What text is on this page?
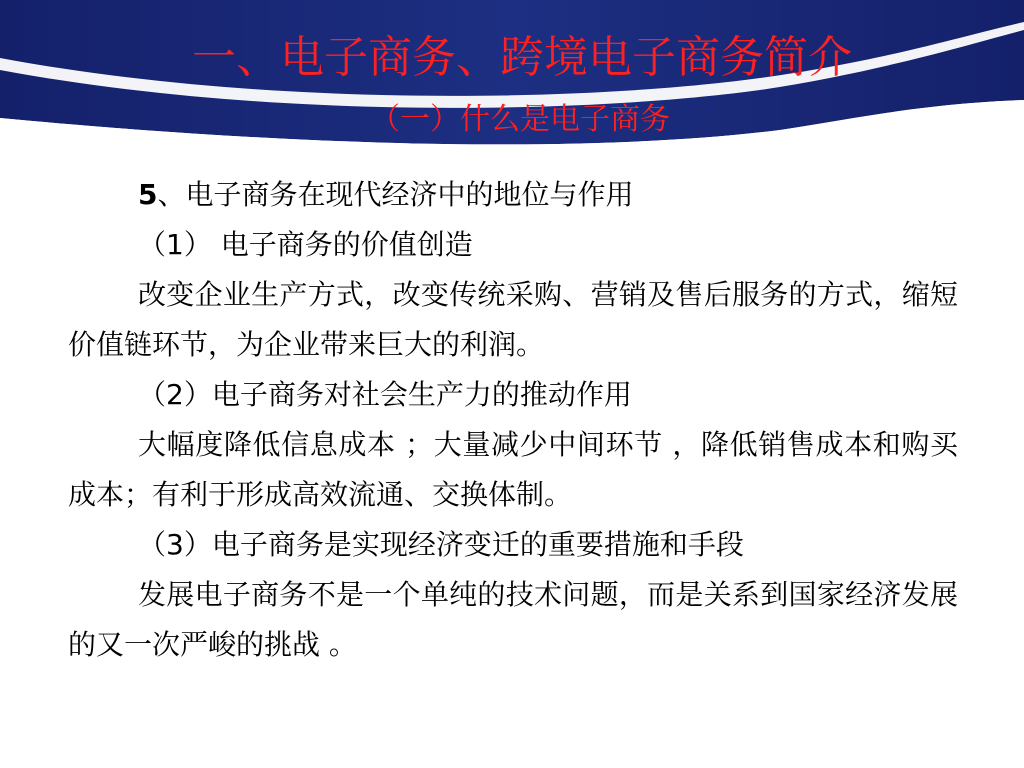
一、电子商务、跨境电子商务简介
（一）什么是电子商务

5、电子商务在现代经济中的地位与作用

（1） 电子商务的价值创造

改变企业生产方式，改变传统采购、营销及售后服务的方式，缩短价值链环节，为企业带来巨大的利润。

（2）电子商务对社会生产力的推动作用

大幅度降低信息成本 ；大量减少中间环节 ，降低销售成本和购买成本；有利于形成高效流通、交换体制。

（3）电子商务是实现经济变迁的重要措施和手段

发展电子商务不是一个单纯的技术问题，而是关系到国家经济发展的又一次严峻的挑战 。
